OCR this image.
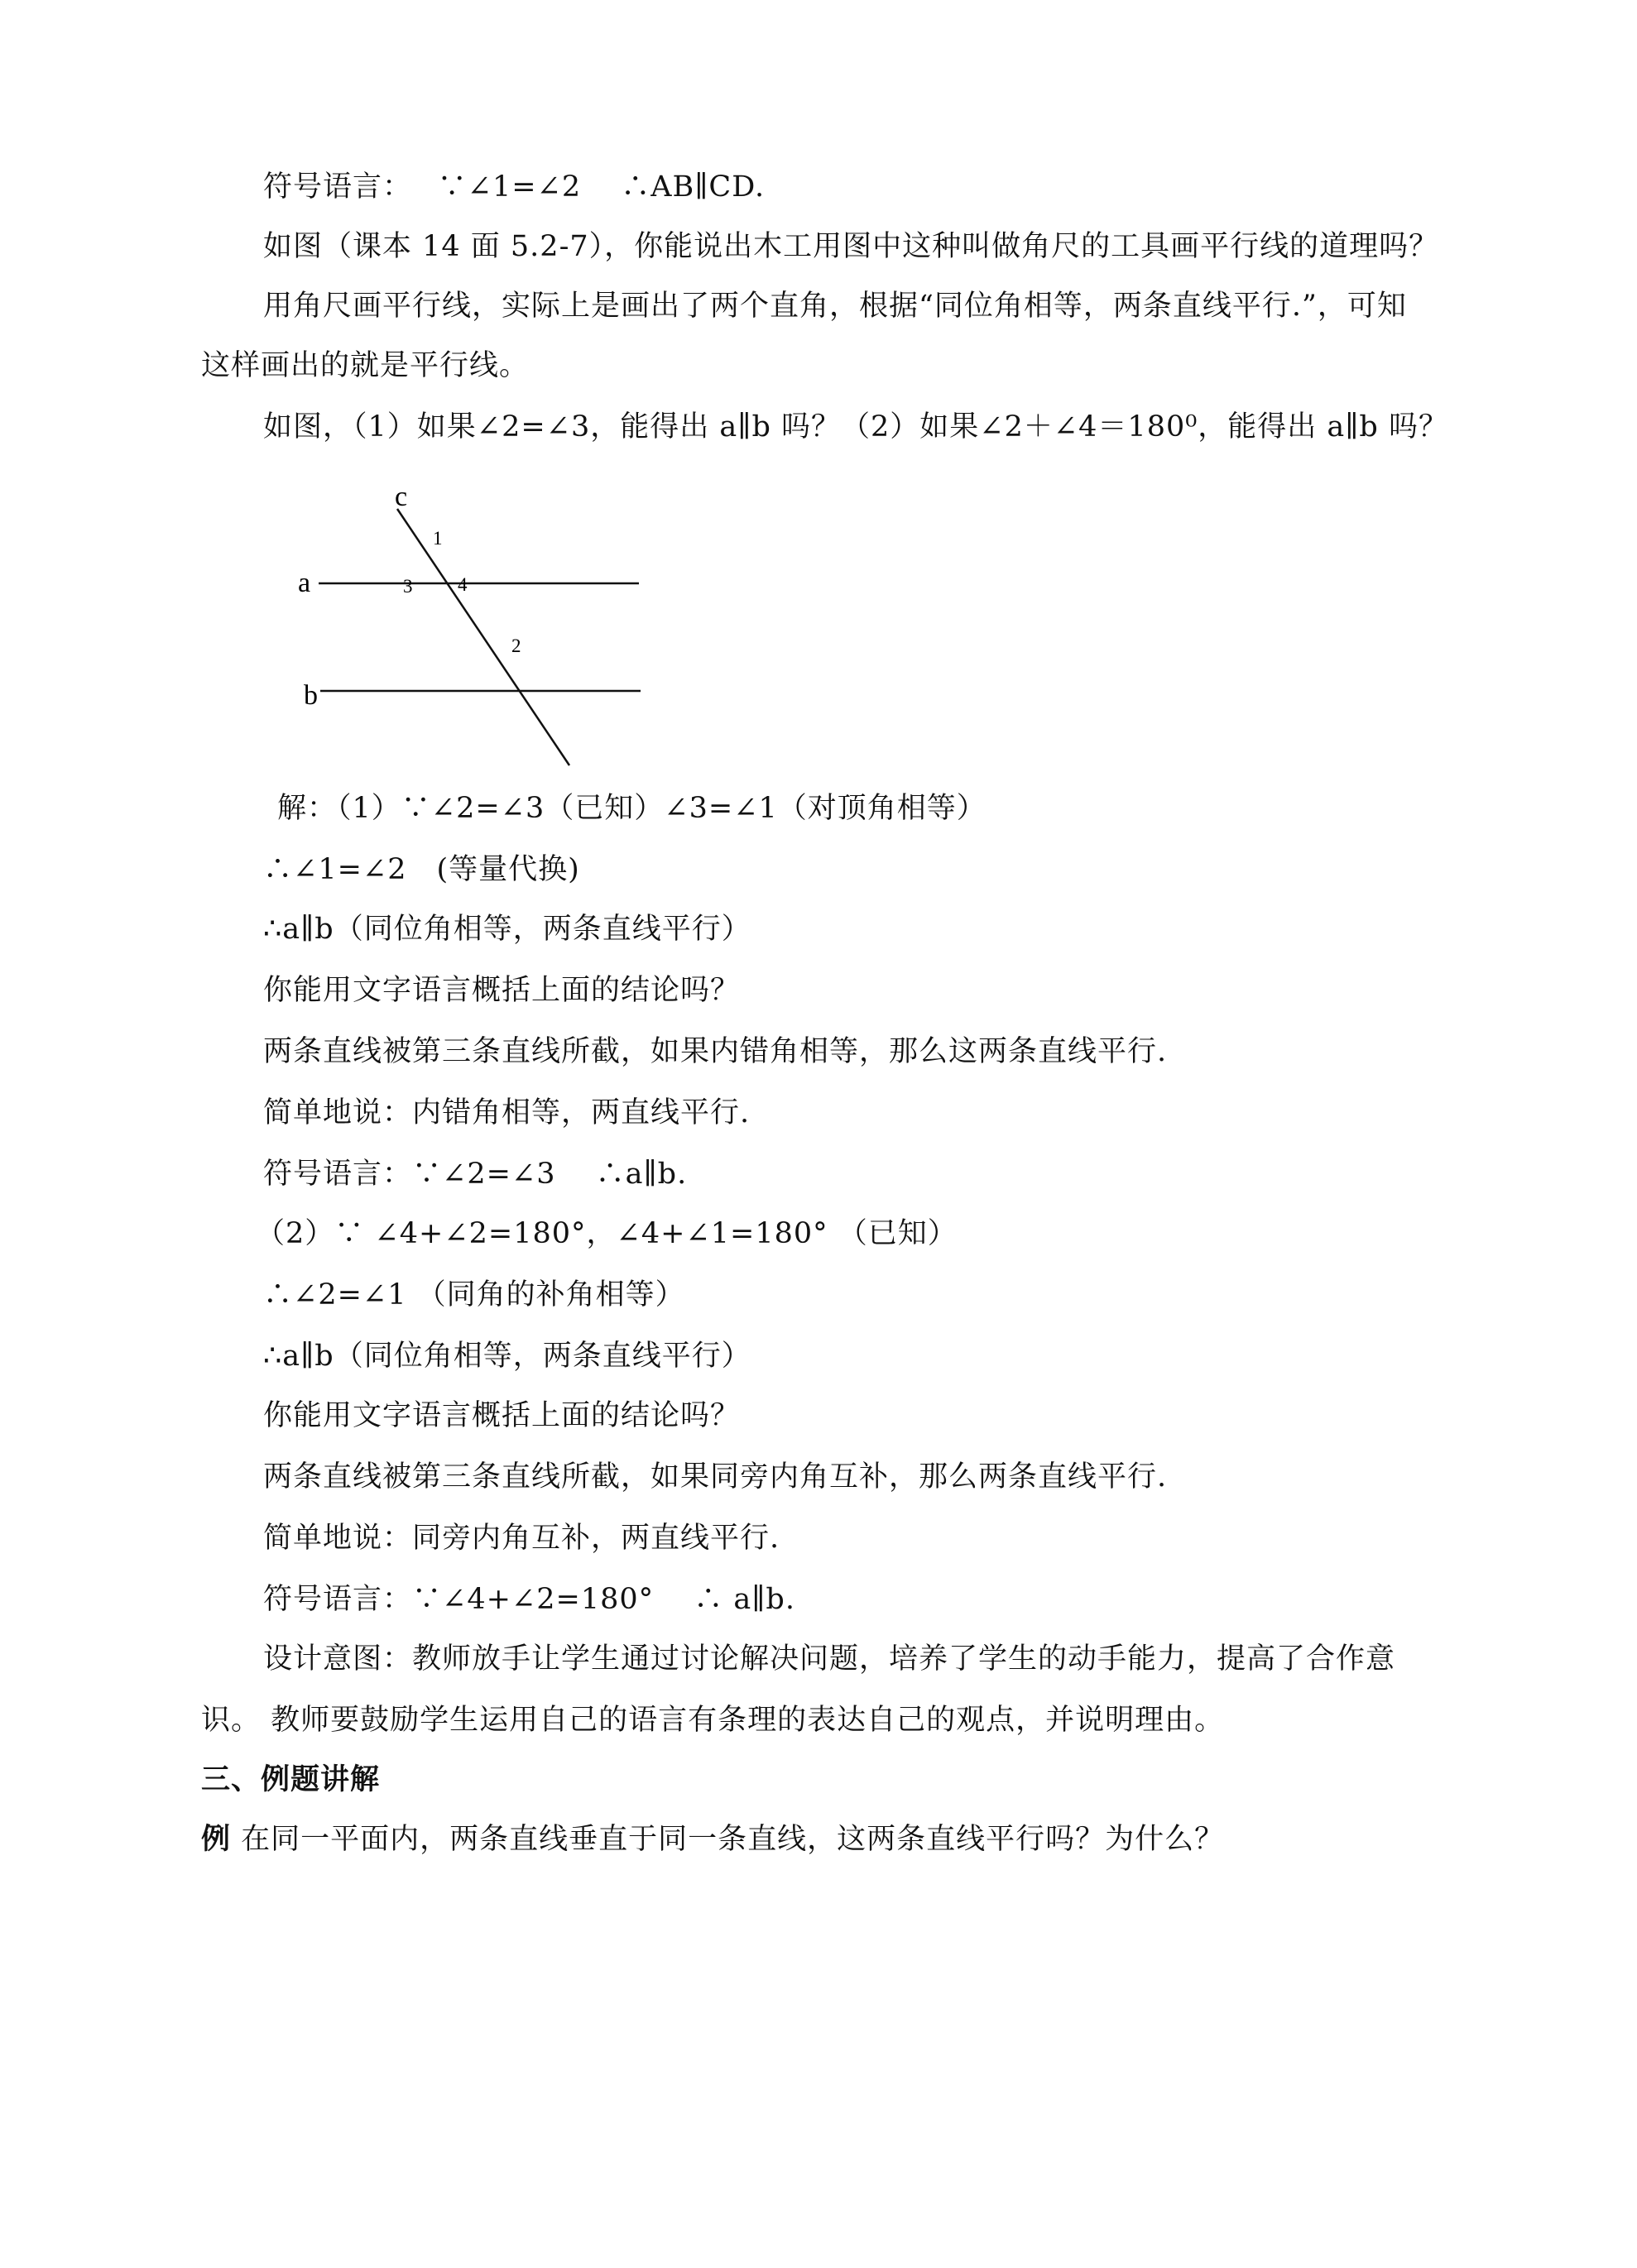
符号语言：　 ∵∠1=∠2　 ∴AB∥CD.
如图（课本 14 面 5.2-7），你能说出木工用图中这种叫做角尺的工具画平行线的道理吗？
用角尺画平行线，实际上是画出了两个直角，根据“同位角相等，两条直线平行.”，可知
这样画出的就是平行线。
如图，（1）如果∠2=∠3，能得出 a∥b 吗？（2）如果∠2＋∠4＝180⁰，能得出 a∥b 吗？
c
a
b
1
2
3 4
解：（1）∵∠2=∠3（已知）∠3=∠1（对顶角相等）
∴∠1=∠2　(等量代换)
∴a∥b（同位角相等，两条直线平行）
你能用文字语言概括上面的结论吗？
两条直线被第三条直线所截，如果内错角相等，那么这两条直线平行.
简单地说：内错角相等，两直线平行.
符号语言：∵∠2=∠3　 ∴a∥b.
（2）∵ ∠4+∠2=180°，∠4+∠1=180° （已知）
∴∠2=∠1 （同角的补角相等）
∴a∥b（同位角相等，两条直线平行）
你能用文字语言概括上面的结论吗？
两条直线被第三条直线所截，如果同旁内角互补，那么两条直线平行.
简单地说：同旁内角互补，两直线平行.
符号语言：∵∠4+∠2=180°　 ∴ a∥b.
设计意图：教师放手让学生通过讨论解决问题，培养了学生的动手能力，提高了合作意
识。 教师要鼓励学生运用自己的语言有条理的表达自己的观点，并说明理由。
三、例题讲解
例 在同一平面内，两条直线垂直于同一条直线，这两条直线平行吗？为什么？
